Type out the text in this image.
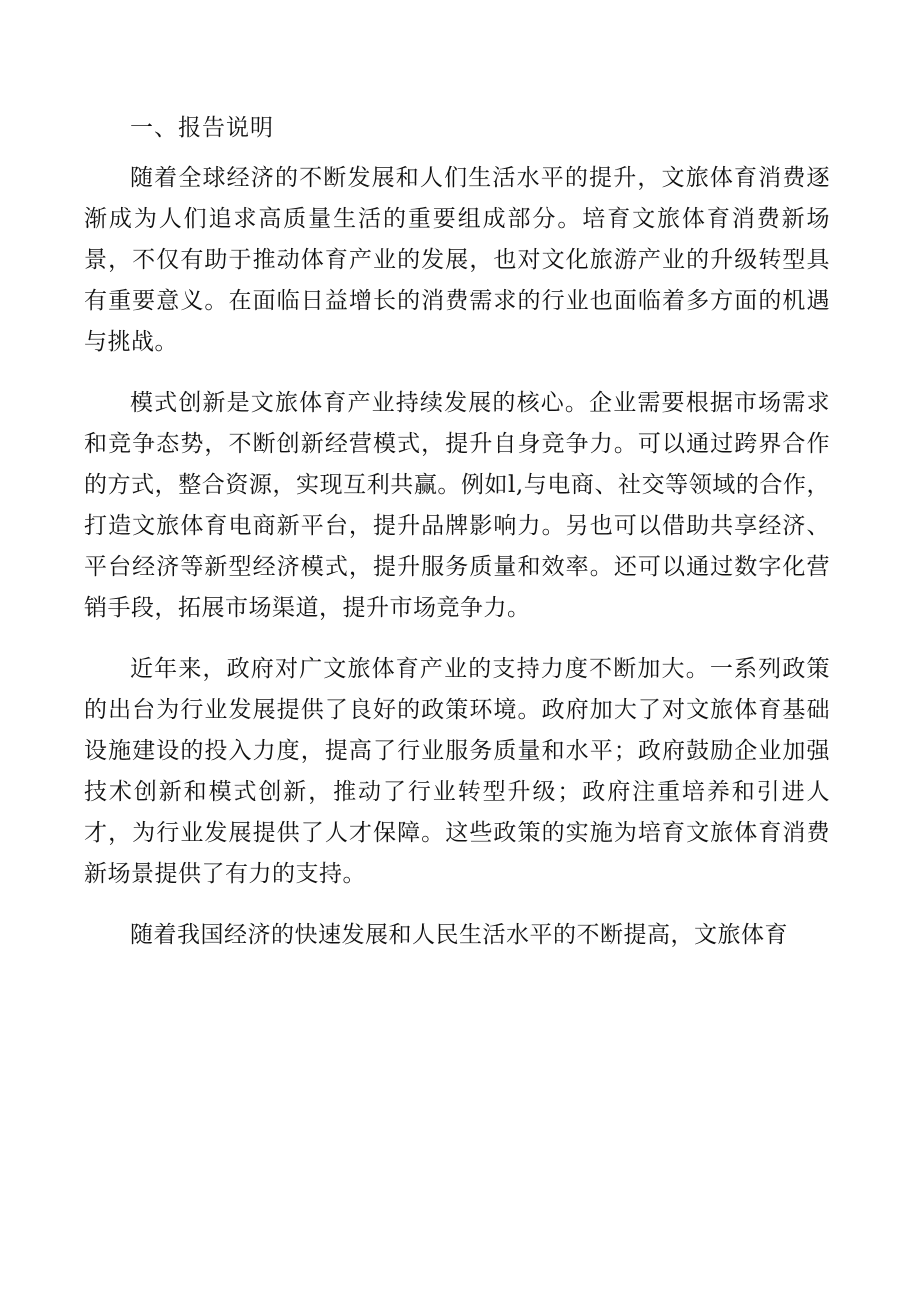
一、报告说明

随着全球经济的不断发展和人们生活水平的提升，文旅体育消费逐渐成为人们追求高质量生活的重要组成部分。培育文旅体育消费新场景，不仅有助于推动体育产业的发展，也对文化旅游产业的升级转型具有重要意义。在面临日益增长的消费需求的行业也面临着多方面的机遇与挑战。

模式创新是文旅体育产业持续发展的核心。企业需要根据市场需求和竞争态势，不断创新经营模式，提升自身竞争力。可以通过跨界合作的方式，整合资源，实现互利共赢。例如l,与电商、社交等领域的合作，打造文旅体育电商新平台，提升品牌影响力。另也可以借助共享经济、平台经济等新型经济模式，提升服务质量和效率。还可以通过数字化营销手段，拓展市场渠道，提升市场竞争力。

近年来，政府对广文旅体育产业的支持力度不断加大。一系列政策的出台为行业发展提供了良好的政策环境。政府加大了对文旅体育基础设施建设的投入力度，提高了行业服务质量和水平；政府鼓励企业加强技术创新和模式创新，推动了行业转型升级；政府注重培养和引进人才，为行业发展提供了人才保障。这些政策的实施为培育文旅体育消费新场景提供了有力的支持。

随着我国经济的快速发展和人民生活水平的不断提高，文旅体育
